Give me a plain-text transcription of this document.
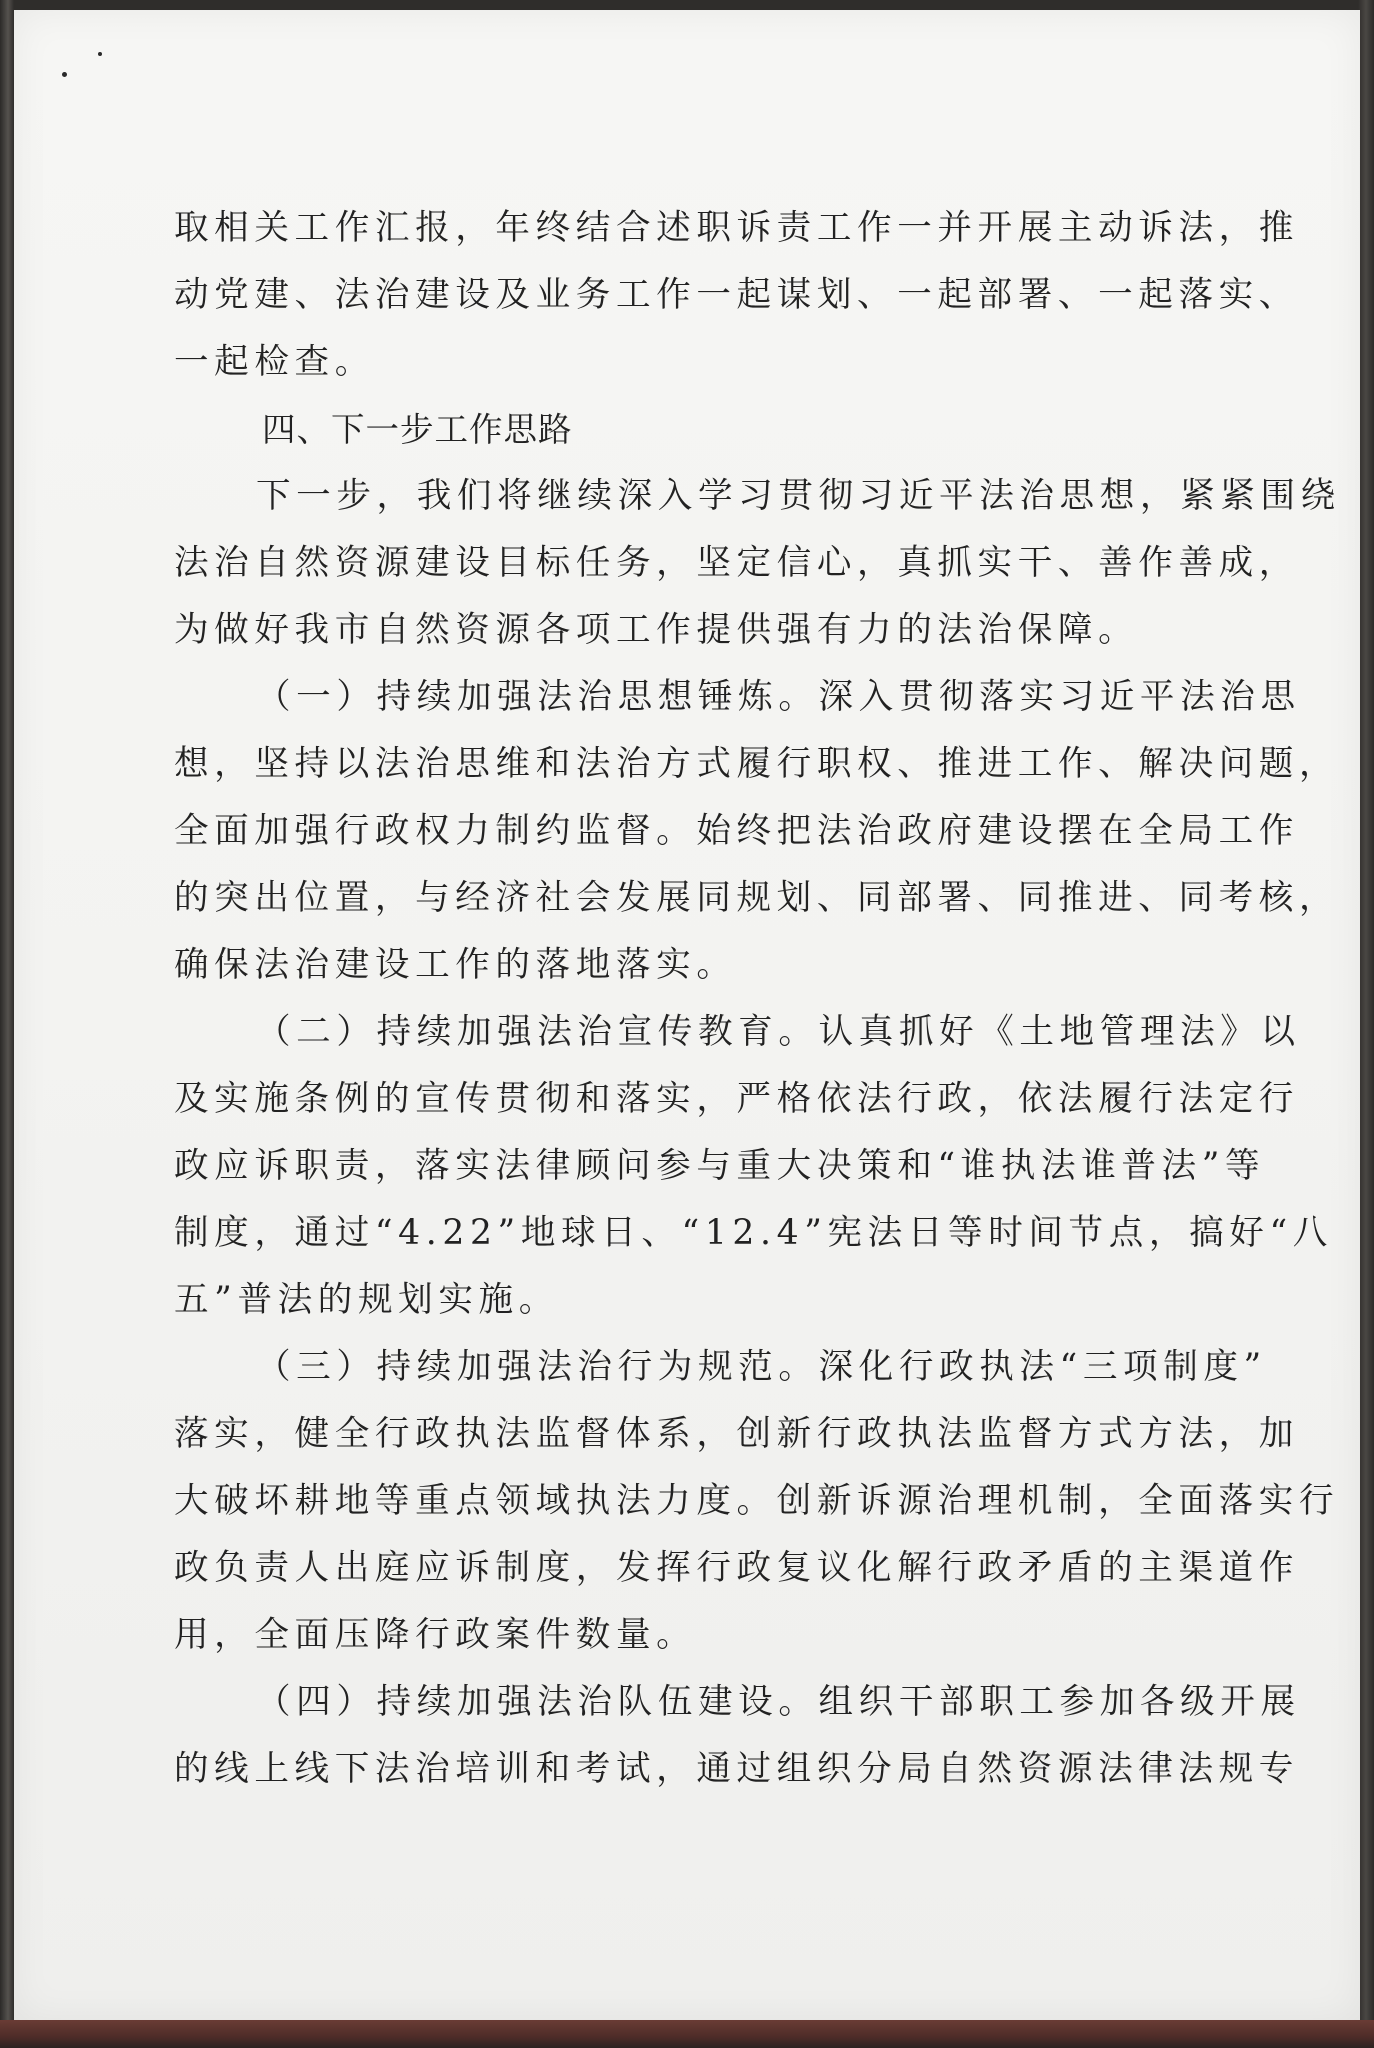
取相关工作汇报，年终结合述职诉责工作一并开展主动诉法，推
动党建、法治建设及业务工作一起谋划、一起部署、一起落实、
一起检查。
四、下一步工作思路
下一步，我们将继续深入学习贯彻习近平法治思想，紧紧围绕
法治自然资源建设目标任务，坚定信心，真抓实干、善作善成，
为做好我市自然资源各项工作提供强有力的法治保障。
（一）持续加强法治思想锤炼。深入贯彻落实习近平法治思
想，坚持以法治思维和法治方式履行职权、推进工作、解决问题，
全面加强行政权力制约监督。始终把法治政府建设摆在全局工作
的突出位置，与经济社会发展同规划、同部署、同推进、同考核，
确保法治建设工作的落地落实。
（二）持续加强法治宣传教育。认真抓好《土地管理法》以
及实施条例的宣传贯彻和落实，严格依法行政，依法履行法定行
政应诉职责，落实法律顾问参与重大决策和“谁执法谁普法”等
制度，通过“4.22”地球日、“12.4”宪法日等时间节点，搞好“八
五”普法的规划实施。
（三）持续加强法治行为规范。深化行政执法“三项制度”
落实，健全行政执法监督体系，创新行政执法监督方式方法，加
大破坏耕地等重点领域执法力度。创新诉源治理机制，全面落实行
政负责人出庭应诉制度，发挥行政复议化解行政矛盾的主渠道作
用，全面压降行政案件数量。
（四）持续加强法治队伍建设。组织干部职工参加各级开展
的线上线下法治培训和考试，通过组织分局自然资源法律法规专
